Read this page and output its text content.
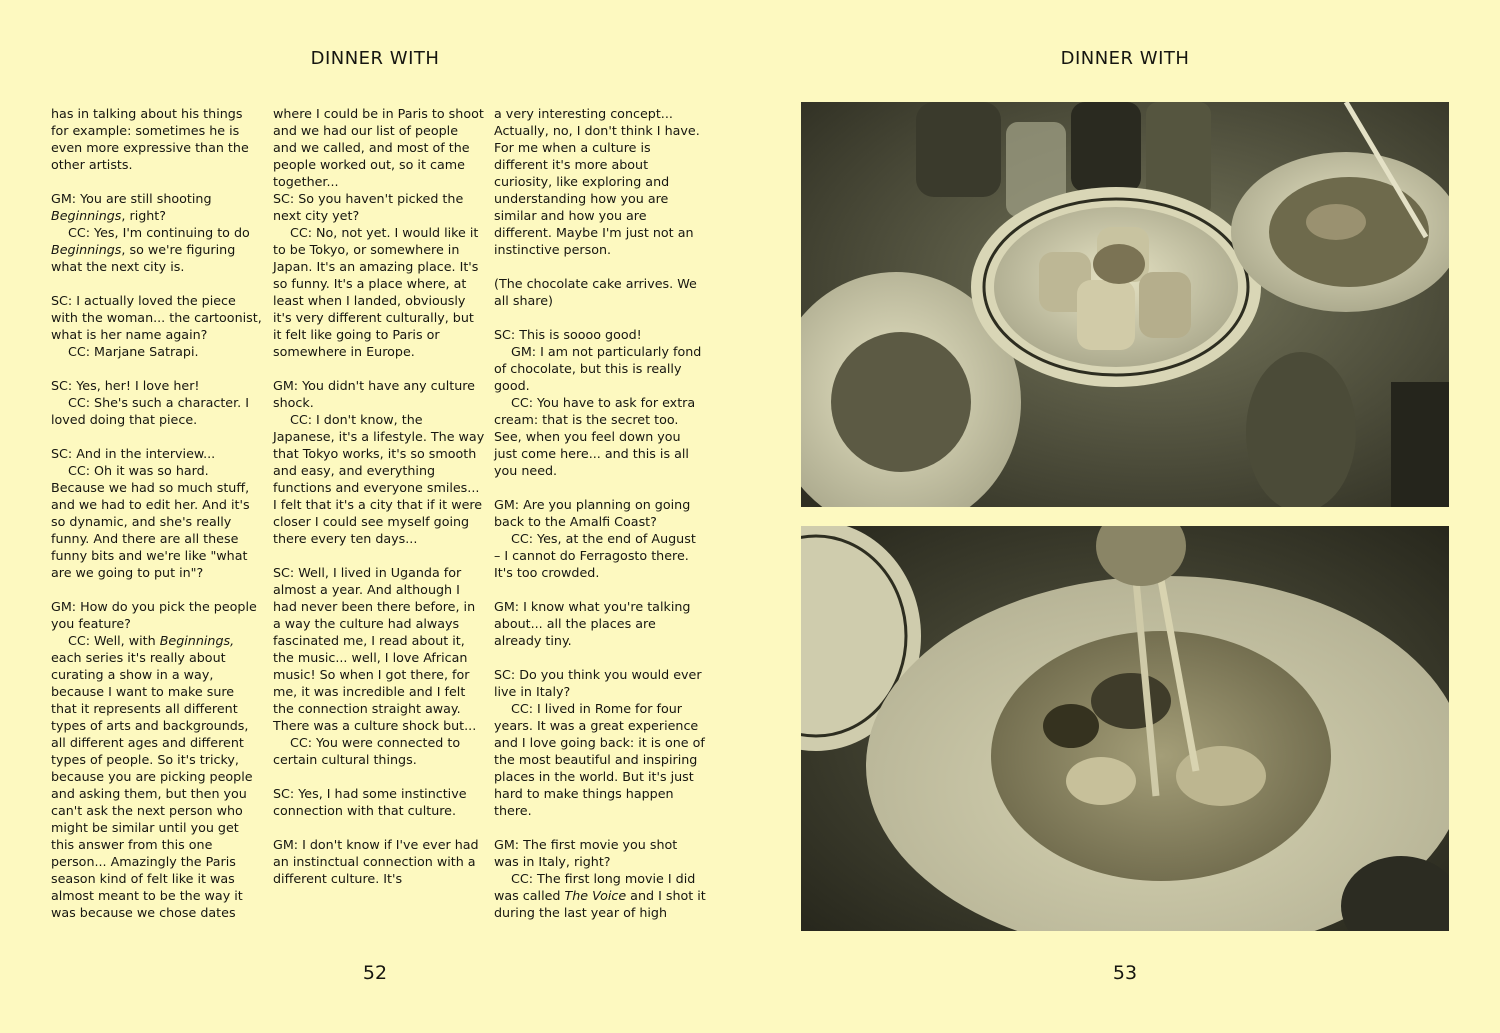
DINNER WITH

has in talking about his things for example: sometimes he is even more expressive than the other artists.

GM: You are still shooting Beginnings, right?
CC: Yes, I'm continuing to do Beginnings, so we're figuring what the next city is.

SC: I actually loved the piece with the woman... the cartoonist, what is her name again?
CC: Marjane Satrapi.

SC: Yes, her! I love her!
CC: She's such a character. I loved doing that piece.

SC: And in the interview...
CC: Oh it was so hard. Because we had so much stuff, and we had to edit her. And it's so dynamic, and she's really funny. And there are all these funny bits and we're like "what are we going to put in"?

GM: How do you pick the people you feature?
CC: Well, with Beginnings, each series it's really about curating a show in a way, because I want to make sure that it represents all different types of arts and backgrounds, all different ages and different types of people. So it's tricky, because you are picking people and asking them, but then you can't ask the next person who might be similar until you get this answer from this one person... Amazingly the Paris season kind of felt like it was almost meant to be the way it was because we chose dates

where I could be in Paris to shoot and we had our list of people and we called, and most of the people worked out, so it came together...
SC: So you haven't picked the next city yet?
CC: No, not yet. I would like it to be Tokyo, or somewhere in Japan. It's an amazing place. It's so funny. It's a place where, at least when I landed, obviously it's very different culturally, but it felt like going to Paris or somewhere in Europe.

GM: You didn't have any culture shock.
CC: I don't know, the Japanese, it's a lifestyle. The way that Tokyo works, it's so smooth and easy, and everything functions and everyone smiles... I felt that it's a city that if it were closer I could see myself going there every ten days...

SC: Well, I lived in Uganda for almost a year. And although I had never been there before, in a way the culture had always fascinated me, I read about it, the music... well, I love African music! So when I got there, for me, it was incredible and I felt the connection straight away. There was a culture shock but...
CC: You were connected to certain cultural things.

SC: Yes, I had some instinctive connection with that culture.

GM: I don't know if I've ever had an instinctual connection with a different culture. It's

a very interesting concept... Actually, no, I don't think I have. For me when a culture is different it's more about curiosity, like exploring and understanding how you are similar and how you are different. Maybe I'm just not an instinctive person.

(The chocolate cake arrives. We all share)

SC: This is soooo good!
GM: I am not particularly fond of chocolate, but this is really good.
CC: You have to ask for extra cream: that is the secret too. See, when you feel down you just come here... and this is all you need.

GM: Are you planning on going back to the Amalfi Coast?
CC: Yes, at the end of August – I cannot do Ferragosto there. It's too crowded.

GM: I know what you're talking about... all the places are already tiny.

SC: Do you think you would ever live in Italy?
CC: I lived in Rome for four years. It was a great experience and I love going back: it is one of the most beautiful and inspiring places in the world. But it's just hard to make things happen there.

GM: The first movie you shot was in Italy, right?
CC: The first long movie I did was called The Voice and I shot it during the last year of high

52
DINNER WITH
53
